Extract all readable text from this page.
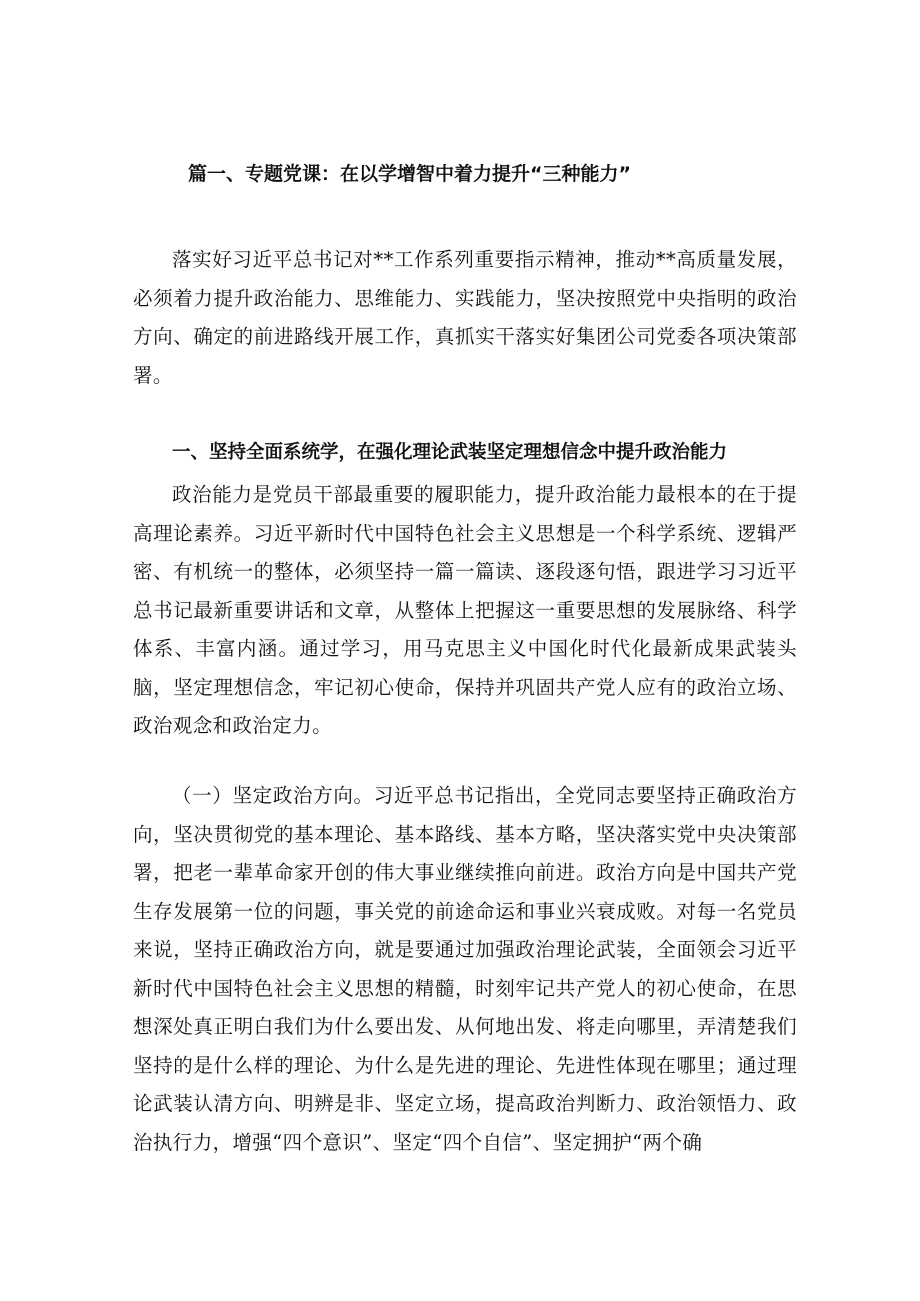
篇一、专题党课：在以学增智中着力提升“三种能力”

落实好习近平总书记对**工作系列重要指示精神，推动**高质量发展，必须着力提升政治能力、思维能力、实践能力，坚决按照党中央指明的政治方向、确定的前进路线开展工作，真抓实干落实好集团公司党委各项决策部署。

一、坚持全面系统学，在强化理论武装坚定理想信念中提升政治能力

政治能力是党员干部最重要的履职能力，提升政治能力最根本的在于提高理论素养。习近平新时代中国特色社会主义思想是一个科学系统、逻辑严密、有机统一的整体，必须坚持一篇一篇读、逐段逐句悟，跟进学习习近平总书记最新重要讲话和文章，从整体上把握这一重要思想的发展脉络、科学体系、丰富内涵。通过学习，用马克思主义中国化时代化最新成果武装头脑，坚定理想信念，牢记初心使命，保持并巩固共产党人应有的政治立场、政治观念和政治定力。

（一）坚定政治方向。习近平总书记指出，全党同志要坚持正确政治方向，坚决贯彻党的基本理论、基本路线、基本方略，坚决落实党中央决策部署，把老一辈革命家开创的伟大事业继续推向前进。政治方向是中国共产党生存发展第一位的问题，事关党的前途命运和事业兴衰成败。对每一名党员来说，坚持正确政治方向，就是要通过加强政治理论武装，全面领会习近平新时代中国特色社会主义思想的精髓，时刻牢记共产党人的初心使命，在思想深处真正明白我们为什么要出发、从何地出发、将走向哪里，弄清楚我们坚持的是什么样的理论、为什么是先进的理论、先进性体现在哪里；通过理论武装认清方向、明辨是非、坚定立场，提高政治判断力、政治领悟力、政治执行力，增强“四个意识”、坚定“四个自信”、坚定拥护“两个确
